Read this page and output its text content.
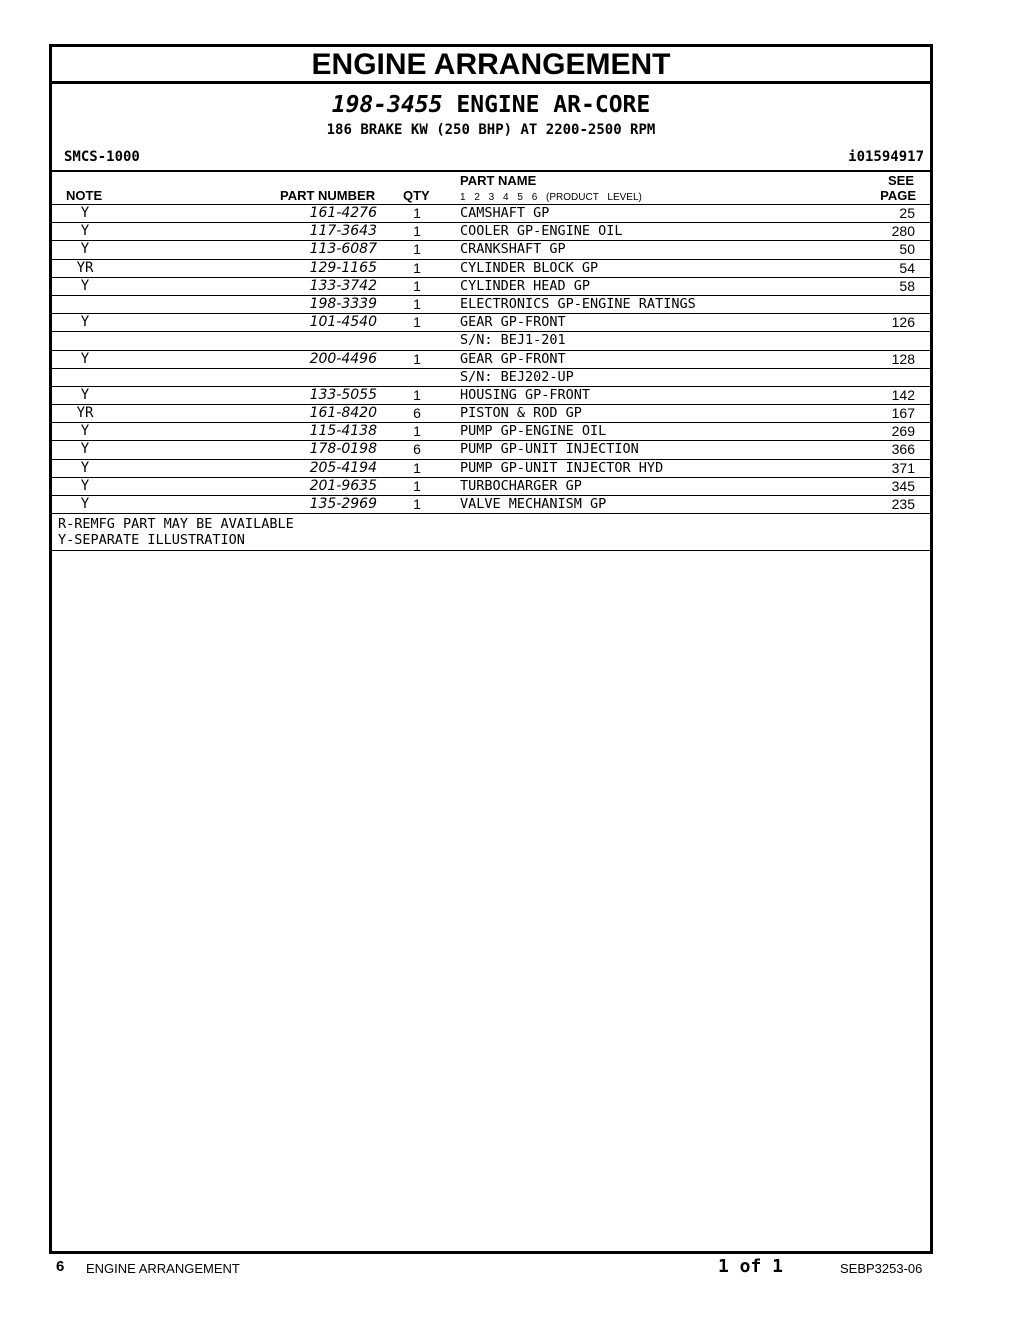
ENGINE ARRANGEMENT
198-3455 ENGINE AR-CORE
186 BRAKE KW (250 BHP) AT 2200-2500 RPM
SMCS-1000	i01594917
NOTE	PART NUMBER QTY
PART NAME
1 2 3 4 5 6 (PRODUCT LEVEL)
SEE
PAGE
Y	161-4276	1	CAMSHAFT GP	25
Y	117-3643	1	COOLER GP-ENGINE OIL	280
Y	113-6087	1	CRANKSHAFT GP	50
YR	129-1165	1	CYLINDER BLOCK GP	54
Y	133-3742	1	CYLINDER HEAD GP	58
198-3339	1	ELECTRONICS GP-ENGINE RATINGS
Y	101-4540	1	GEAR GP-FRONT	126
S/N: BEJ1-201
Y	200-4496	1	GEAR GP-FRONT	128
S/N: BEJ202-UP
Y	133-5055	1	HOUSING GP-FRONT	142
YR	161-8420	6	PISTON & ROD GP	167
Y	115-4138	1	PUMP GP-ENGINE OIL	269
Y	178-0198	6	PUMP GP-UNIT INJECTION	366
Y	205-4194	1	PUMP GP-UNIT INJECTOR HYD	371
Y	201-9635	1	TURBOCHARGER GP	345
Y	135-2969	1	VALVE MECHANISM GP	235
R-REMFG PART MAY BE AVAILABLE
Y-SEPARATE ILLUSTRATION
6 ENGINE ARRANGEMENT	1 of 1	SEBP3253-06
